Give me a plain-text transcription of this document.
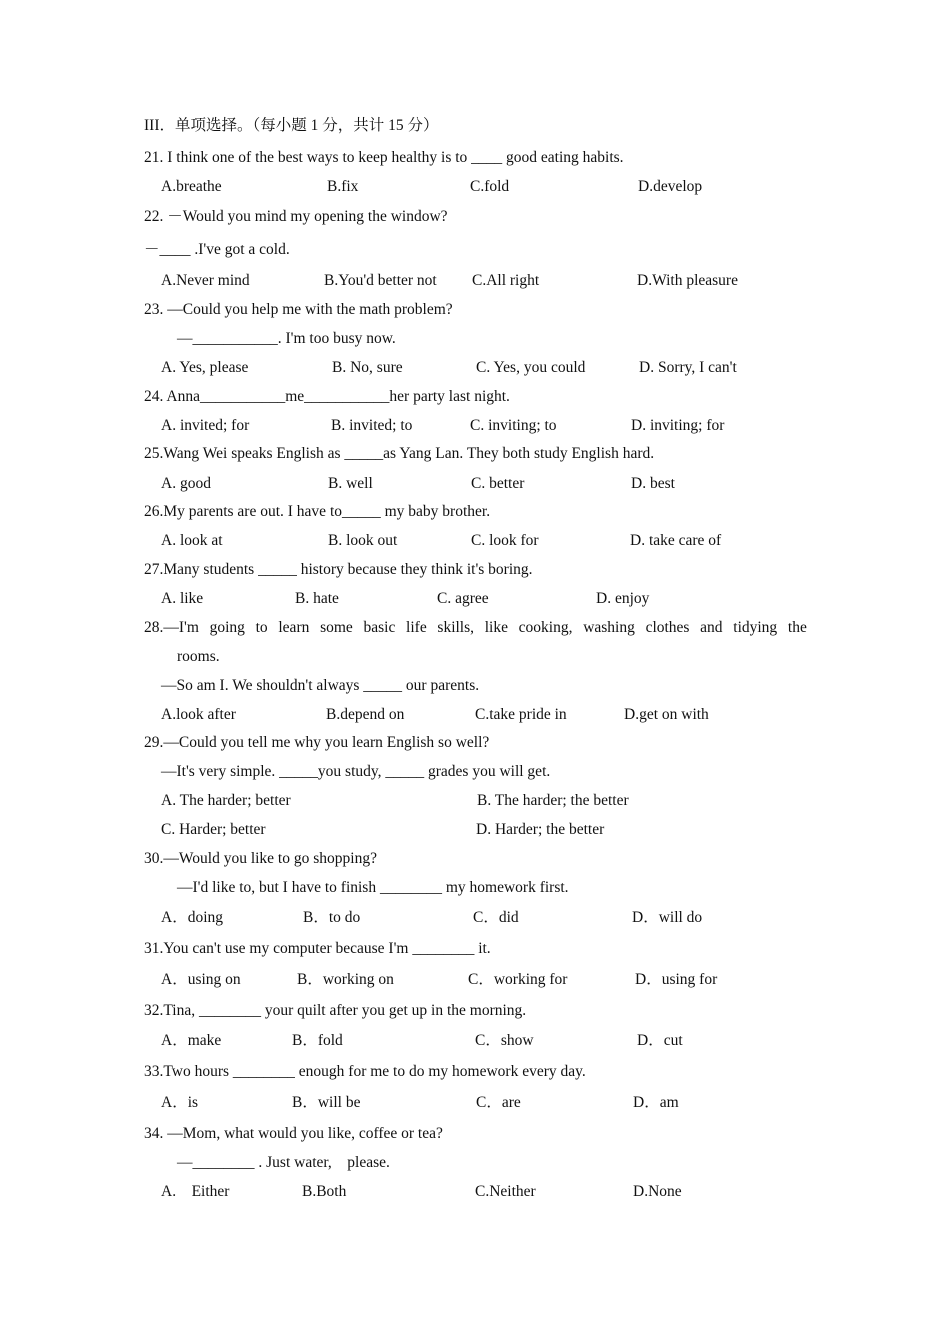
III．单项选择。（每小题 1 分，共计 15 分）
21. I think one of the best ways to keep healthy is to ____ good eating habits.
A.breathe	B.fix	C.fold	D.develop
22. －Would you mind my opening the window?
－____ .I've got a cold.
A.Never mind	B.You'd better not C.All right	D.With pleasure
23. —Could you help me with the math problem?
—___________. I'm too busy now.
A. Yes, please	B. No, sure	C. Yes, you could	D. Sorry, I can't
24. Anna___________me___________her party last night.
A. invited; for	B. invited; to	C. inviting; to	D. inviting; for
25.Wang Wei speaks English as _____as Yang Lan. They both study English hard.
A. good	B. well	C. better	D. best
26.My parents are out. I have to_____ my baby brother.
A. look at	B. look out	C. look for	D. take care of
27.Many students _____ history because they think it's boring.
A. like	B. hate	C. agree	D. enjoy
28.—I'm going to learn some basic life skills, like cooking, washing clothes and tidying the
rooms.
—So am I. We shouldn't always _____ our parents.
A.look after	B.depend on	C.take pride in	D.get on with
29.—Could you tell me why you learn English so well?
—It's very simple. _____you study, _____ grades you will get.
A. The harder; better	B. The harder; the better
C. Harder; better	D. Harder; the better
30.—Would you like to go shopping?
—I'd like to, but I have to finish ________ my homework first.
A．doing	B．to do	C．did	D．will do
31.You can't use my computer because I'm ________ it.
A．using on	B．working on	C．working for	D．using for
32.Tina, ________ your quilt after you get up in the morning.
A．make	B．fold	C．show	D．cut
33.Two hours ________ enough for me to do my homework every day.
A．is	B．will be	C．are	D．am
34. —Mom, what would you like, coffee or tea?
—________ . Just water,　please.
A.　Either	B.Both	C.Neither	D.None
